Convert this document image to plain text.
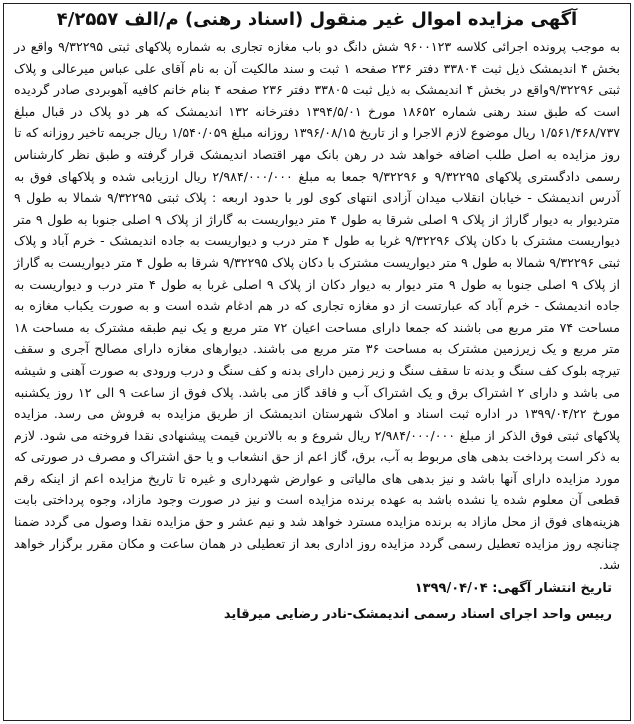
آگهی مزایده اموال غیر منقول (اسناد رهنی) م/الف ۴/۲۵۵۷
به موجب پرونده اجرائی کلاسه ۹۶۰۰۱۲۳ شش دانگ دو باب مغازه تجاری به شماره پلاکهای ثبتی ۹/۳۲۲۹۵ واقع در بخش ۴ اندیمشک ذیل ثبت ۳۳۸۰۴ دفتر ۲۳۶ صفحه ۱ ثبت و سند مالکیت آن به نام آقای علی عباس میرعالی و پلاک ثبتی ۹/۳۲۲۹۶واقع در بخش ۴ اندیمشک به ذیل ثبت ۳۳۸۰۵ دفتر ۲۳۶ صفحه ۴ بنام خانم کافیه آهوبردی صادر گردیده است که طبق سند رهنی شماره ۱۸۶۵۲ مورخ ۱۳۹۴/۵/۰۱ دفترخانه ۱۳۲ اندیمشک که هر دو پلاک در قبال مبلغ ۱/۵۶۱/۴۶۸/۷۳۷ ریال موضوع لازم الاجرا و از تاریخ ۱۳۹۶/۰۸/۱۵ روزانه مبلغ ۱/۵۴۰/۰۵۹ ریال جریمه تاخیر روزانه که تا روز مزایده به اصل طلب اضافه خواهد شد در رهن بانک مهر اقتصاد اندیمشک قرار گرفته و طبق نظر کارشناس رسمی دادگستری پلاکهای ۹/۳۲۲۹۵ و ۹/۳۲۲۹۶ جمعا به مبلغ ۲/۹۸۴/۰۰۰/۰۰۰ ریال ارزیابی شده و پلاکهای فوق به آدرس اندیمشک - خیابان انقلاب میدان آزادی انتهای کوی لور با حدود اربعه : پلاک ثبتی ۹/۳۲۲۹۵ شمالا به طول ۹ متردیوار به دیوار گاراژ از پلاک ۹ اصلی شرقا به طول ۴ متر دیواریست به گاراژ از پلاک ۹ اصلی جنوبا به طول ۹ متر دیواریست مشترک با دکان پلاک ۹/۳۲۲۹۶ غربا به طول ۴ متر درب و دیواریست به جاده اندیمشک - خرم آباد و پلاک ثبتی ۹/۳۲۲۹۶ شمالا به طول ۹ متر دیواریست مشترک با دکان پلاک ۹/۳۲۲۹۵ شرقا به طول ۴ متر دیواریست به گاراژ از پلاک ۹ اصلی جنوبا به طول ۹ متر دیوار به دیوار دکان از پلاک ۹ اصلی غربا به طول ۴ متر درب و دیواریست به جاده اندیمشک - خرم آباد که عبارتست از دو مغازه تجاری که در هم ادغام شده است و به صورت یکباب مغازه به مساحت ۷۴ متر مربع می باشند که جمعا دارای مساحت اعیان ۷۲ متر مربع و یک نیم طبقه مشترک به مساحت ۱۸ متر مربع و یک زیرزمین مشترک به مساحت ۳۶ متر مربع می باشند. دیوارهای مغازه دارای مصالح آجری و سقف تیرچه بلوک کف سنگ و بدنه تا سقف سنگ و زیر زمین دارای بدنه و کف سنگ و درب ورودی به صورت آهنی و شیشه می باشد و دارای ۲ اشتراک برق و یک اشتراک آب و فاقد گاز می باشد. پلاک فوق از ساعت ۹ الی ۱۲ روز یکشنبه مورخ ۱۳۹۹/۰۴/۲۲ در اداره ثبت اسناد و املاک شهرستان اندیمشک از طریق مزایده به فروش می رسد. مزایده پلاکهای ثبتی فوق الذکر از مبلغ ۲/۹۸۴/۰۰۰/۰۰۰ ریال شروع و به بالاترین قیمت پیشنهادی نقدا فروخته می شود. لازم به ذکر است پرداخت بدهی های مربوط به آب، برق، گاز اعم از حق انشعاب و یا حق اشتراک و مصرف در صورتی که مورد مزایده دارای آنها باشد و نیز بدهی های مالیاتی و عوارض شهرداری و غیره تا تاریخ مزایده اعم از اینکه رقم قطعی آن معلوم شده یا نشده باشد به عهده برنده مزایده است و نیز در صورت وجود مازاد، وجوه پرداختی بابت هزینه‌های فوق از محل مازاد به برنده مزایده مسترد خواهد شد و نیم عشر و حق مزایده نقدا وصول می گردد ضمنا چنانچه روز مزایده تعطیل رسمی گردد مزایده روز اداری بعد از تعطیلی در همان ساعت و مکان مقرر برگزار خواهد شد.
تاریخ انتشار آگهی: ۱۳۹۹/۰۴/۰۴
رییس واحد اجرای اسناد رسمی اندیمشک-نادر رضایی میرقاید
